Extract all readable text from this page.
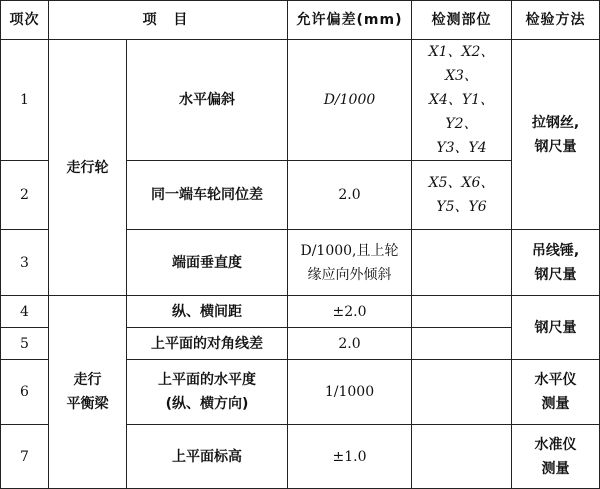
项次	项 目		允许偏差(mm)	检测部位	检验方法
1	走行轮	水平偏斜	D/1000	X1、X2、X3、
X4、Y1、Y2、
Y3、Y4	拉钢丝,
钢尺量

2		同一端车轮同位差	2.0	X5、X6、
Y5、Y6	

3		端面垂直度	D/1000,且上轮
缘应向外倾斜		吊线锤,
钢尺量

4	走行
平衡梁	纵、横间距	±2.0		钢尺量
5		上平面的对角线差	2.0		
6		上平面的水平度
(纵、横方向)	1/1000		水平仪
测量

7		上平面标高	±1.0		水准仪
测量
